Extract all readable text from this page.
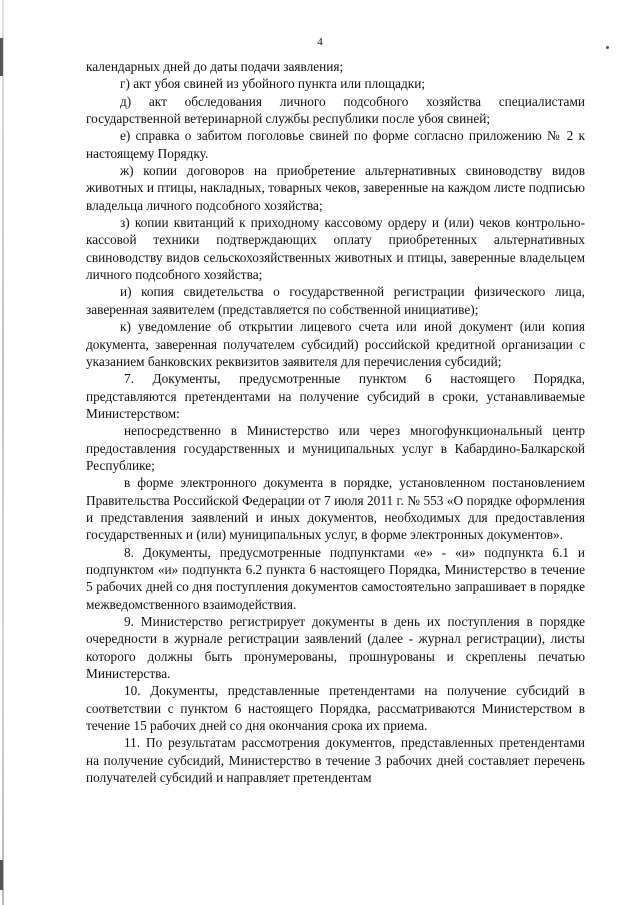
4

календарных дней до даты подачи заявления;

г) акт убоя свиней из убойного пункта или площадки;

д) акт обследования личного подсобного хозяйства специалистами государственной ветеринарной службы республики после убоя свиней;

е) справка о забитом поголовье свиней по форме согласно приложению № 2 к настоящему Порядку.

ж) копии договоров на приобретение альтернативных свиноводству видов животных и птицы, накладных, товарных чеков, заверенные на каждом листе подписью владельца личного подсобного хозяйства;

з) копии квитанций к приходному кассовому ордеру и (или) чеков контрольно-кассовой техники подтверждающих оплату приобретенных альтернативных свиноводству видов сельскохозяйственных животных и птицы, заверенные владельцем личного подсобного хозяйства;

и) копия свидетельства о государственной регистрации физического лица, заверенная заявителем (представляется по собственной инициативе);

к) уведомление об открытии лицевого счета или иной документ (или копия документа, заверенная получателем субсидий) российской кредитной организации с указанием банковских реквизитов заявителя для перечисления субсидий;

7. Документы, предусмотренные пунктом 6 настоящего Порядка, представляются претендентами на получение субсидий в сроки, устанавливаемые Министерством:

непосредственно в Министерство или через многофункциональный центр предоставления государственных и муниципальных услуг в Кабардино-Балкарской Республике;

в форме электронного документа в порядке, установленном постановлением Правительства Российской Федерации от 7 июля 2011 г. № 553 «О порядке оформления и представления заявлений и иных документов, необходимых для предоставления государственных и (или) муниципальных услуг, в форме электронных документов».

8. Документы, предусмотренные подпунктами «е» - «и» подпункта 6.1 и подпунктом «и» подпункта 6.2 пункта 6 настоящего Порядка, Министерство в течение 5 рабочих дней со дня поступления документов самостоятельно запрашивает в порядке межведомственного взаимодействия.

9. Министерство регистрирует документы в день их поступления в порядке очередности в журнале регистрации заявлений (далее - журнал регистрации), листы которого должны быть пронумерованы, прошнурованы и скреплены печатью Министерства.

10. Документы, представленные претендентами на получение субсидий в соответствии с пунктом 6 настоящего Порядка, рассматриваются Министерством в течение 15 рабочих дней со дня окончания срока их приема.

11. По результатам рассмотрения документов, представленных претендентами на получение субсидий, Министерство в течение 3 рабочих дней составляет перечень получателей субсидий и направляет претендентам
